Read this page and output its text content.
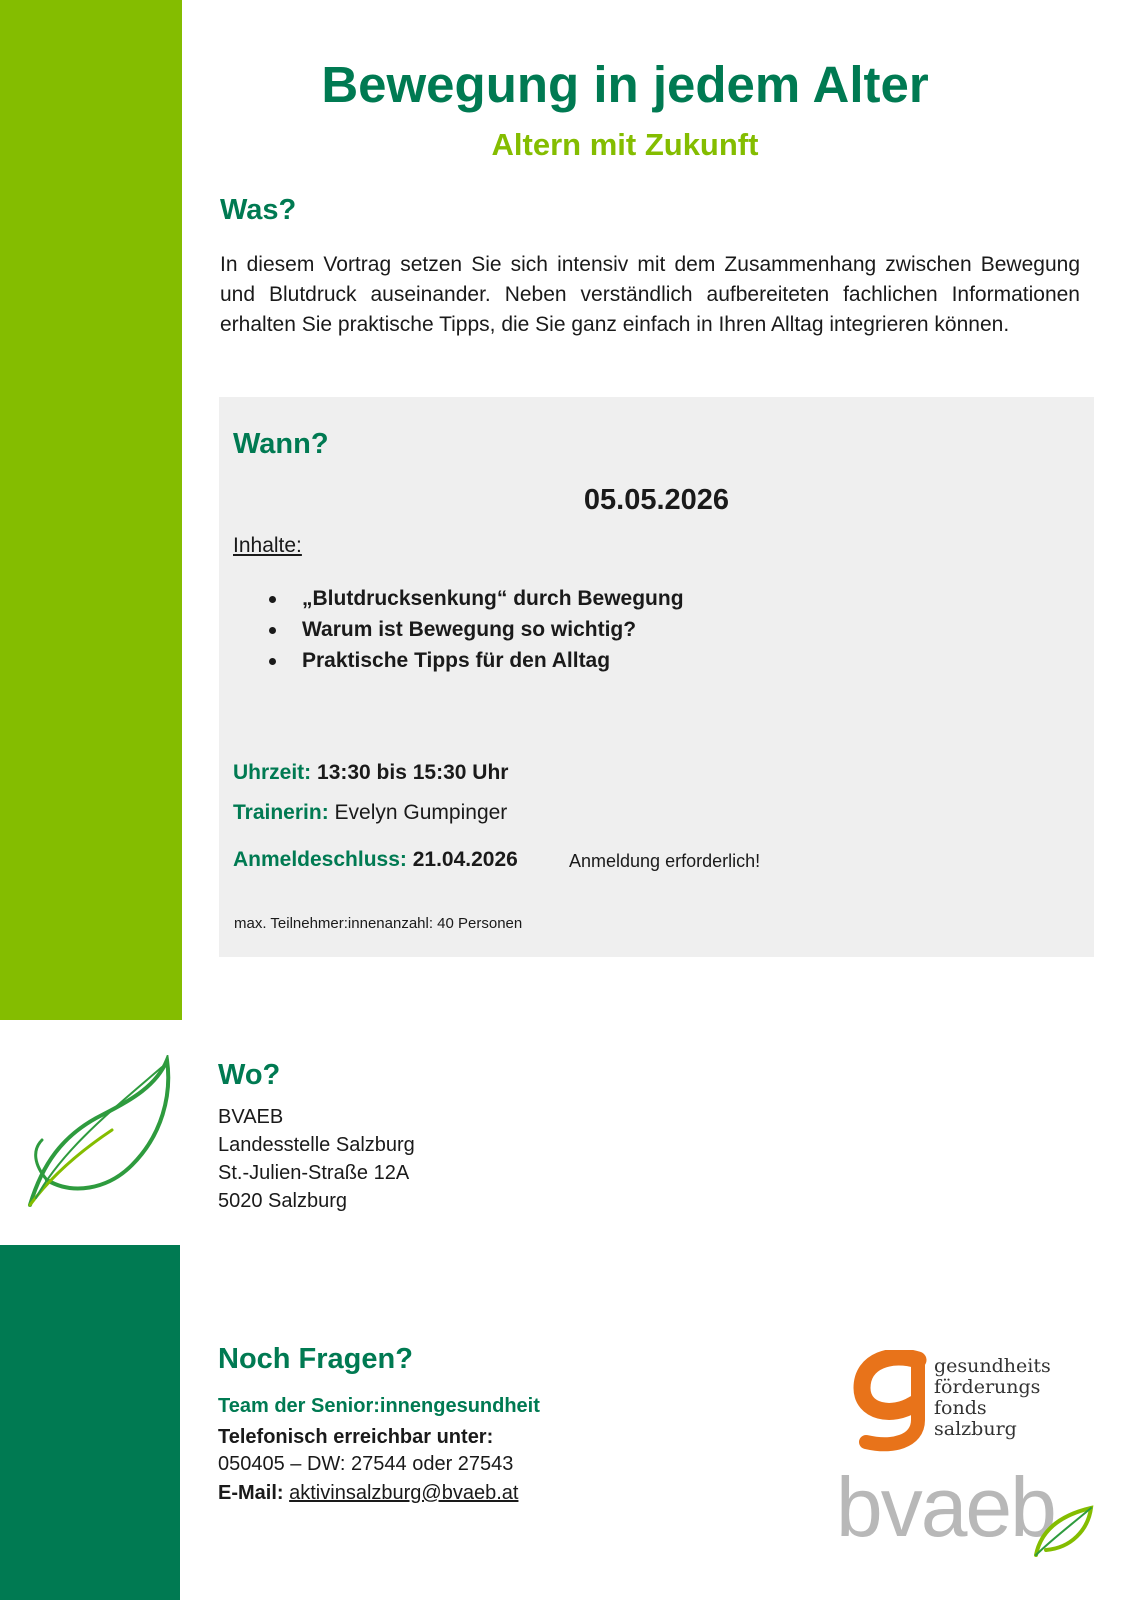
Bewegung in jedem Alter
Altern mit Zukunft
Was?

In diesem Vortrag setzen Sie sich intensiv mit dem Zusammenhang zwischen Bewegung und Blutdruck auseinander. Neben verständlich aufbereiteten fachlichen Informationen erhalten Sie praktische Tipps, die Sie ganz einfach in Ihren Alltag integrieren können.

Wann?
05.05.2026
Inhalte:
„Blutdrucksenkung“ durch Bewegung
Warum ist Bewegung so wichtig?
Praktische Tipps für den Alltag
Uhrzeit: 13:30 bis 15:30 Uhr
Trainerin: Evelyn Gumpinger
Anmeldeschluss: 21.04.2026	Anmeldung erforderlich!
max. Teilnehmer:innenanzahl: 40 Personen
Wo?
BVAEB
Landesstelle Salzburg
St.-Julien-Straße 12A
5020 Salzburg
Noch Fragen?
Team der Senior:innengesundheit
Telefonisch erreichbar unter:
050405 – DW: 27544 oder 27543
E-Mail: aktivinsalzburg@bvaeb.at
gesundheits
förderungs
fonds
salzburg
bvaeb
